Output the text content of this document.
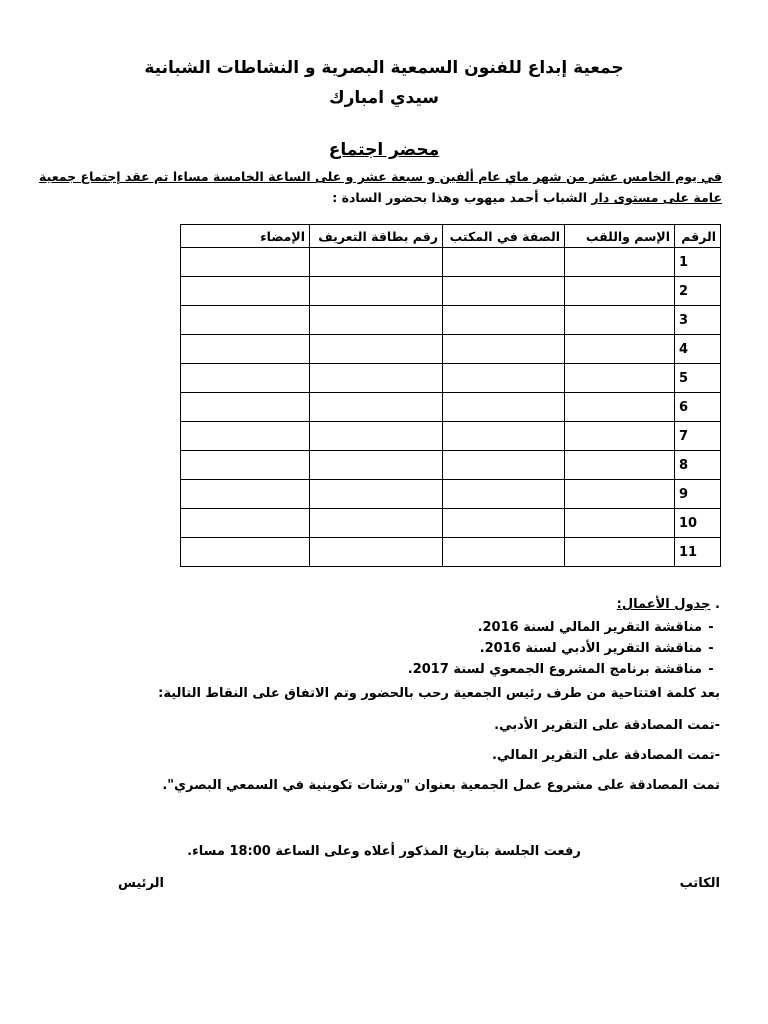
جمعية إبداع للفنون السمعية البصرية و النشاطات الشبانية
سيدي امبارك
محضر اجتماع
في يوم الخامس عشر من شهر ماي عام ألفين و سبعة عشر و على الساعة الخامسة مساءا تم عقد إجتماع جمعية
عامة على مستوى دار الشباب أحمد ميهوب وهذا بحضور السادة :
الرقم	الإسم واللقب	الصفة في المكتب	رقم بطاقة التعريف	الإمضاء
1				
2				
3				
4				
5				
6				
7				
8				
9				
10				
11				
. جدول الأعمال:
-مناقشة التقرير المالي لسنة 2016.
-مناقشة التقرير الأدبي لسنة 2016.
-مناقشة برنامج المشروع الجمعوي لسنة 2017.
بعد كلمة افتتاحية من طرف رئيس الجمعية رحب بالحضور وتم الاتفاق على النقاط التالية:
-تمت المصادقة على التقرير الأدبي.
-تمت المصادقة على التقرير المالي.
تمت المصادقة على مشروع عمل الجمعية بعنوان "ورشات تكوينية في السمعي البصري".
رفعت الجلسة بتاريخ المذكور أعلاه وعلى الساعة 18:00 مساء.
الكاتب
الرئيس
